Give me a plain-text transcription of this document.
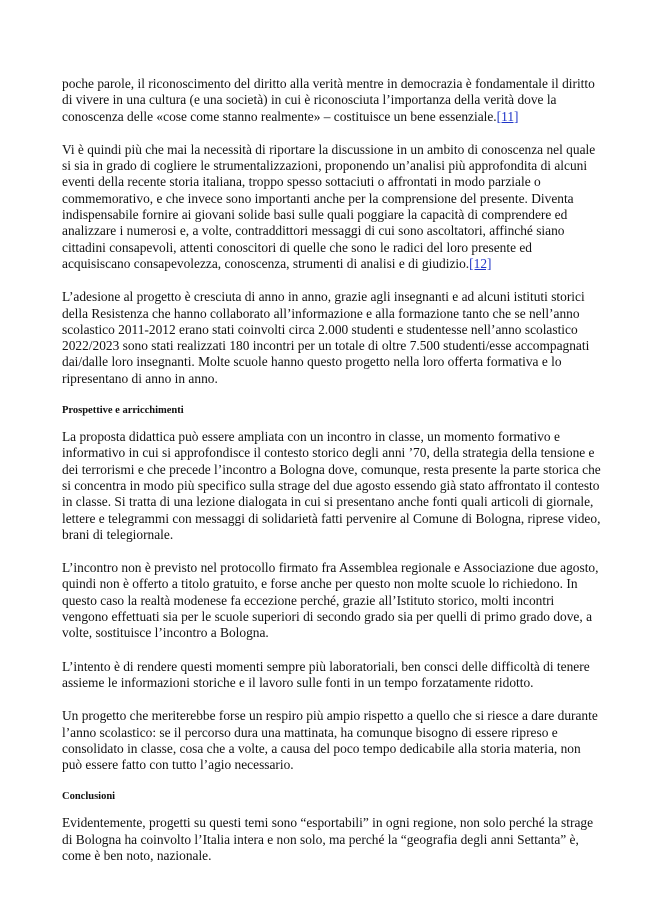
poche parole, il riconoscimento del diritto alla verità mentre in democrazia è fondamentale il diritto di vivere in una cultura (e una società) in cui è riconosciuta l’importanza della verità dove la conoscenza delle «cose come stanno realmente» – costituisce un bene essenziale.[11]

Vi è quindi più che mai la necessità di riportare la discussione in un ambito di conoscenza nel quale si sia in grado di cogliere le strumentalizzazioni, proponendo un’analisi più approfondita di alcuni eventi della recente storia italiana, troppo spesso sottaciuti o affrontati in modo parziale o commemorativo, e che invece sono importanti anche per la comprensione del presente. Diventa indispensabile fornire ai giovani solide basi sulle quali poggiare la capacità di comprendere ed analizzare i numerosi e, a volte, contraddittori messaggi di cui sono ascoltatori, affinché siano cittadini consapevoli, attenti conoscitori di quelle che sono le radici del loro presente ed acquisiscano consapevolezza, conoscenza, strumenti di analisi e di giudizio.[12]

L’adesione al progetto è cresciuta di anno in anno, grazie agli insegnanti e ad alcuni istituti storici della Resistenza che hanno collaborato all’informazione e alla formazione tanto che se nell’anno scolastico 2011-2012 erano stati coinvolti circa 2.000 studenti e studentesse nell’anno scolastico 2022/2023 sono stati realizzati 180 incontri per un totale di oltre 7.500 studenti/esse accompagnati dai/dalle loro insegnanti. Molte scuole hanno questo progetto nella loro offerta formativa e lo ripresentano di anno in anno.

Prospettive e arricchimenti

La proposta didattica può essere ampliata con un incontro in classe, un momento formativo e informativo in cui si approfondisce il contesto storico degli anni ’70, della strategia della tensione e dei terrorismi e che precede l’incontro a Bologna dove, comunque, resta presente la parte storica che si concentra in modo più specifico sulla strage del due agosto essendo già stato affrontato il contesto in classe. Si tratta di una lezione dialogata in cui si presentano anche fonti quali articoli di giornale, lettere e telegrammi con messaggi di solidarietà fatti pervenire al Comune di Bologna, riprese video, brani di telegiornale.

L’incontro non è previsto nel protocollo firmato fra Assemblea regionale e Associazione due agosto, quindi non è offerto a titolo gratuito, e forse anche per questo non molte scuole lo richiedono. In questo caso la realtà modenese fa eccezione perché, grazie all’Istituto storico, molti incontri vengono effettuati sia per le scuole superiori di secondo grado sia per quelli di primo grado dove, a volte, sostituisce l’incontro a Bologna.

L’intento è di rendere questi momenti sempre più laboratoriali, ben consci delle difficoltà di tenere assieme le informazioni storiche e il lavoro sulle fonti in un tempo forzatamente ridotto.

Un progetto che meriterebbe forse un respiro più ampio rispetto a quello che si riesce a dare durante l’anno scolastico: se il percorso dura una mattinata, ha comunque bisogno di essere ripreso e consolidato in classe, cosa che a volte, a causa del poco tempo dedicabile alla storia materia, non può essere fatto con tutto l’agio necessario.

Conclusioni

Evidentemente, progetti su questi temi sono “esportabili” in ogni regione, non solo perché la strage di Bologna ha coinvolto l’Italia intera e non solo, ma perché la “geografia degli anni Settanta” è, come è ben noto, nazionale.
